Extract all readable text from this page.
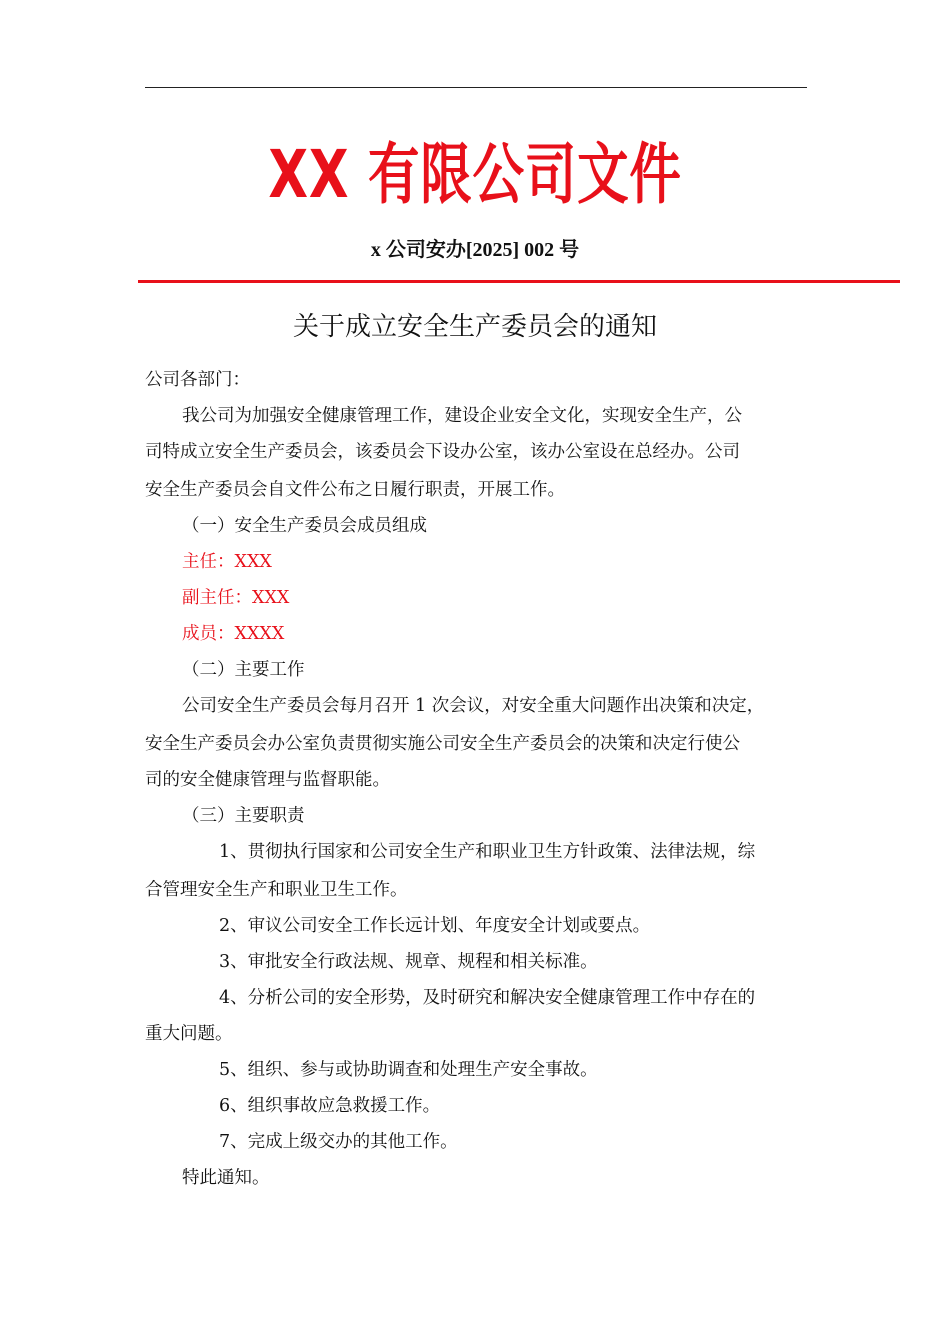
XX 有限公司文件
x 公司安办[2025] 002 号
关于成立安全生产委员会的通知
公司各部门：
我公司为加强安全健康管理工作，建设企业安全文化，实现安全生产，公
司特成立安全生产委员会，该委员会下设办公室，该办公室设在总经办。公司
安全生产委员会自文件公布之日履行职责，开展工作。
（一）安全生产委员会成员组成
主任：XXX
副主任：XXX
成员：XXXX
（二）主要工作
公司安全生产委员会每月召开 1 次会议，对安全重大问题作出决策和决定，
安全生产委员会办公室负责贯彻实施公司安全生产委员会的决策和决定行使公
司的安全健康管理与监督职能。
（三）主要职责
1、贯彻执行国家和公司安全生产和职业卫生方针政策、法律法规，综
合管理安全生产和职业卫生工作。
2、审议公司安全工作长远计划、年度安全计划或要点。
3、审批安全行政法规、规章、规程和相关标准。
4、分析公司的安全形势，及时研究和解决安全健康管理工作中存在的
重大问题。
5、组织、参与或协助调查和处理生产安全事故。
6、组织事故应急救援工作。
7、完成上级交办的其他工作。
特此通知。
